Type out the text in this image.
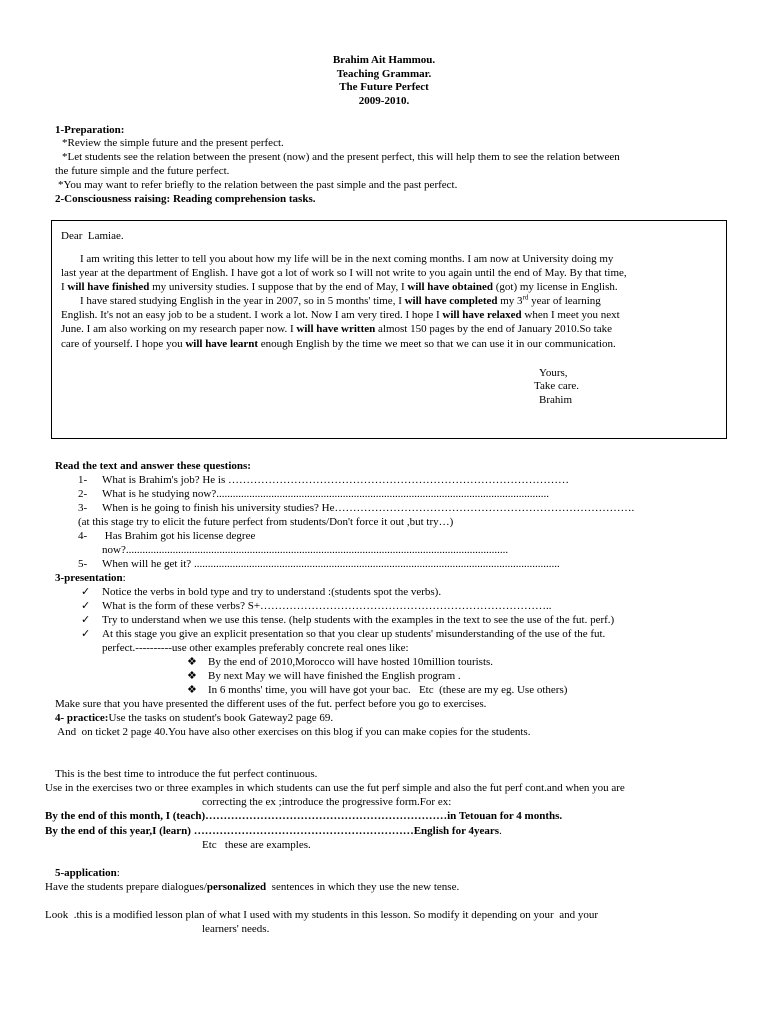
Brahim Ait Hammou.
Teaching Grammar.
The Future Perfect
2009-2010.
1-Preparation:
*Review the simple future and the present perfect.
*Let students see the relation between the present (now) and the present perfect, this will help them to see the relation between
the future simple and the future perfect.
*You may want to refer briefly to the relation between the past simple and the past perfect.
2-Consciousness raising: Reading comprehension tasks.
Dear  Lamiae.
I am writing this letter to tell you about how my life will be in the next coming months. I am now at University doing my
last year at the department of English. I have got a lot of work so I will not write to you again until the end of May. By that time,
I will have finished my university studies. I suppose that by the end of May, I will have obtained (got) my license in English.
I have stared studying English in the year in 2007, so in 5 months' time, I will have completed my 3rd year of learning
English. It's not an easy job to be a student. I work a lot. Now I am very tired. I hope I will have relaxed when I meet you next
June. I am also working on my research paper now. I will have written almost 150 pages by the end of January 2010.So take
care of yourself. I hope you will have learnt enough English by the time we meet so that we can use it in our communication.
Yours,
Take care.
Brahim
Read the text and answer these questions:
1- What is Brahim's job? He is …………………………………………………………………………………
2- What is he studying now?.........................................................................................................................
3- When is he going to finish his university studies? He……………………………………………………………………….
(at this stage try to elicit the future perfect from students/Don't force it out ,but try…)
4- Has Brahim got his license degree
now?...........................................................................................................................................
5- When will he get it? .....................................................................................................................................
3-presentation:
✓	Notice the verbs in bold type and try to understand :(students spot the verbs).
✓	What is the form of these verbs? S+……………………………………………………………………..
✓	Try to understand when we use this tense. (help students with the examples in the text to see the use of the fut. perf.)
✓	At this stage you give an explicit presentation so that you clear up students' misunderstanding of the use of the fut.
perfect.----------use other examples preferably concrete real ones like:
❖	By the end of 2010,Morocco will have hosted 10million tourists.
❖	By next May we will have finished the English program .
❖	In 6 months' time, you will have got your bac.   Etc  (these are my eg. Use others)
Make sure that you have presented the different uses of the fut. perfect before you go to exercises.
4- practice:Use the tasks on student's book Gateway2 page 69.
And  on ticket 2 page 40.You have also other exercises on this blog if you can make copies for the students.
This is the best time to introduce the fut perfect continuous.
Use in the exercises two or three examples in which students can use the fut perf simple and also the fut perf cont.and when you are
correcting the ex ;introduce the progressive form.For ex:
By the end of this month, I (teach)…………………………………………………………in Tetouan for 4 months.
By the end of this year,I (learn) ……………………………………………………English for 4years.
Etc   these are examples.
5-application:
Have the students prepare dialogues/personalized  sentences in which they use the new tense.
Look  .this is a modified lesson plan of what I used with my students in this lesson. So modify it depending on your  and your
learners' needs.
